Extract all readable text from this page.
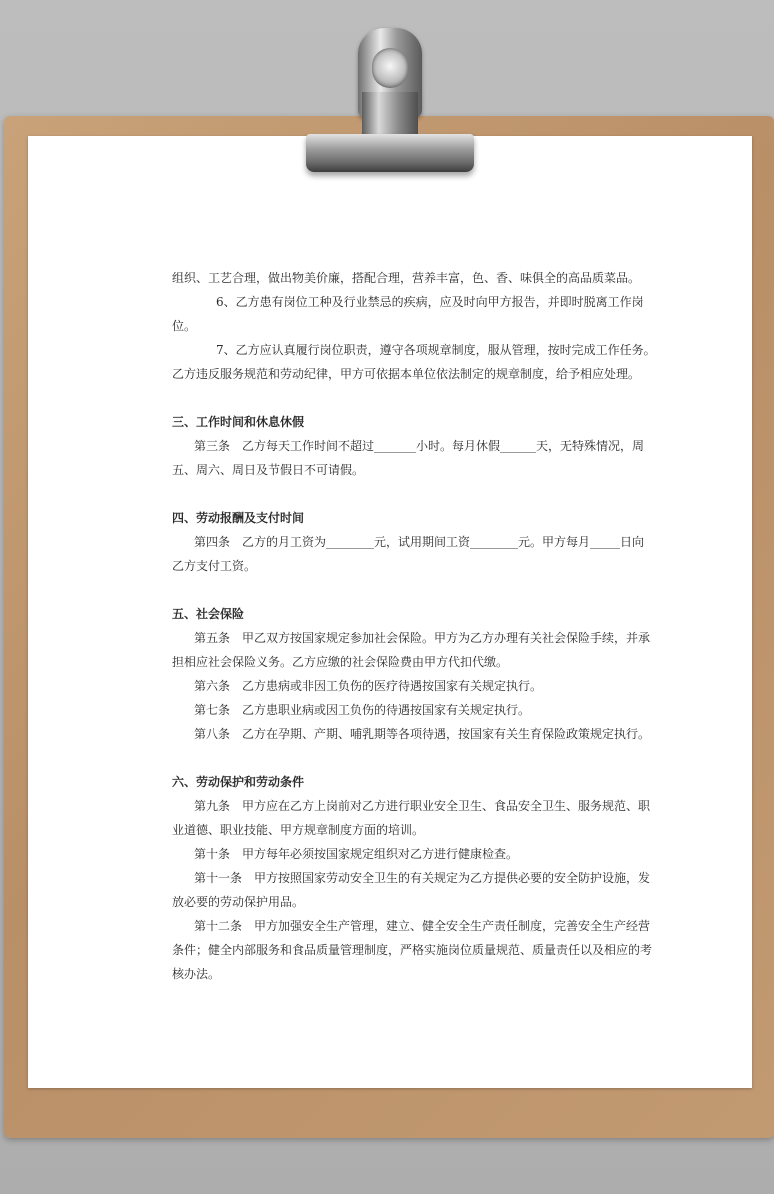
组织、工艺合理，做出物美价廉，搭配合理，营养丰富，色、香、味俱全的高品质菜品。
6、乙方患有岗位工种及行业禁忌的疾病，应及时向甲方报告，并即时脱离工作岗
位。
7、乙方应认真履行岗位职责，遵守各项规章制度，服从管理，按时完成工作任务。
乙方违反服务规范和劳动纪律，甲方可依据本单位依法制定的规章制度，给予相应处理。
三、工作时间和休息休假
第三条　乙方每天工作时间不超过_______小时。每月休假______天，无特殊情况，周
五、周六、周日及节假日不可请假。
四、劳动报酬及支付时间
第四条　乙方的月工资为________元，试用期间工资________元。甲方每月_____日向
乙方支付工资。
五、社会保险
第五条　甲乙双方按国家规定参加社会保险。甲方为乙方办理有关社会保险手续，并承
担相应社会保险义务。乙方应缴的社会保险费由甲方代扣代缴。
第六条　乙方患病或非因工负伤的医疗待遇按国家有关规定执行。
第七条　乙方患职业病或因工负伤的待遇按国家有关规定执行。
第八条　乙方在孕期、产期、哺乳期等各项待遇，按国家有关生育保险政策规定执行。
六、劳动保护和劳动条件
第九条　甲方应在乙方上岗前对乙方进行职业安全卫生、食品安全卫生、服务规范、职
业道德、职业技能、甲方规章制度方面的培训。
第十条　甲方每年必须按国家规定组织对乙方进行健康检查。
第十一条　甲方按照国家劳动安全卫生的有关规定为乙方提供必要的安全防护设施，发
放必要的劳动保护用品。
第十二条　甲方加强安全生产管理，建立、健全安全生产责任制度，完善安全生产经营
条件；健全内部服务和食品质量管理制度，严格实施岗位质量规范、质量责任以及相应的考
核办法。
